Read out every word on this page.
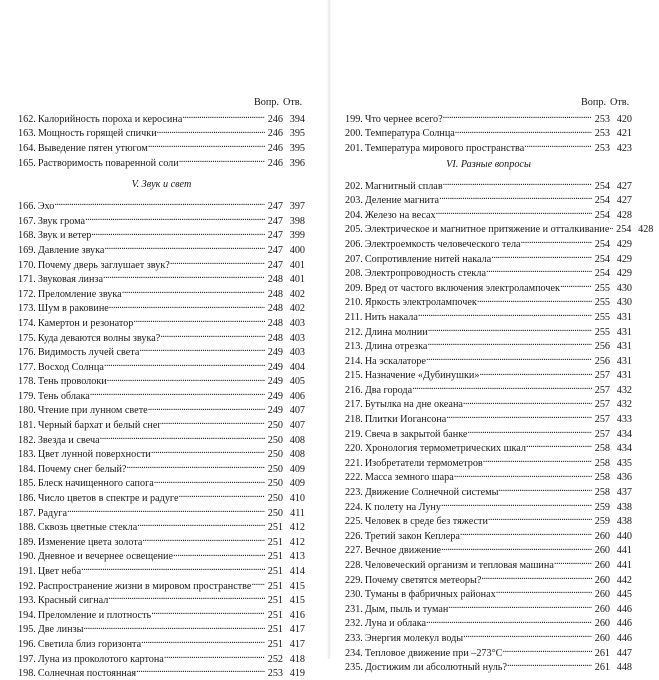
Вопр. Отв.
162. Калорийность пороха и керосина . . .	246 394
163. Мощность горящей спички . . .	246 395
164. Выведение пятен утюгом . . .	246 395
165. Растворимость поваренной соли . . .	246 396
V. Звук и свет
166. Эхо . . .	247 397
167. Звук грома . . .	247 398
168. Звук и ветер . . .	247 399
169. Давление звука . . .	247 400
170. Почему дверь заглушает звук? . . .	247 401
171. Звуковая линза . . .	248 401
172. Преломление звука . . .	248 402
173. Шум в раковине . . .	248 402
174. Камертон и резонатор . . .	248 403
175. Куда деваются волны звука? . . .	248 403
176. Видимость лучей света . . .	249 403
177. Восход Солнца . . .	249 404
178. Тень проволоки . . .	249 405
179. Тень облака . . .	249 406
180. Чтение при лунном свете . . .	249 407
181. Черный бархат и белый снег . . .	250 407
182. Звезда и свеча . . .	250 408
183. Цвет лунной поверхности . . .	250 408
184. Почему снег белый? . . .	250 409
185. Блеск начищенного сапога . . .	250 409
186. Число цветов в спектре и радуге . . .	250 410
187. Радуга . . .	250 411
188. Сквозь цветные стекла . . .	251 412
189. Изменение цвета золота . . .	251 412
190. Дневное и вечернее освещение . . .	251 413
191. Цвет неба . . .	251 414
192. Распространение жизни в мировом пространстве . . . 251 415
193. Красный сигнал . . .	251 415
194. Преломление и плотность . . .	251 416
195. Две линзы . . .	251 417
196. Светила близ горизонта . . .	251 417
197. Луна из проколотого картона . . .	252 418
198. Солнечная постоянная . . .	253 419
Вопр. Отв.
199. Что чернее всего? . . .	253 420
200. Температура Солнца . . .	253 421
201. Температура мирового пространства . . .	253 423
VI. Разные вопросы
202. Магнитный сплав . . .	254 427
203. Деление магнита . . .	254 427
204. Железо на весах . . .	254 428
205. Электрическое и магнитное притяжение и отталкивание . . . 254 428
206. Электроемкость человеческого тела . . .	254 429
207. Сопротивление нитей накала . . .	254 429
208. Электропроводность стекла . . .	254 429
209. Вред от частого включения электролампочек . . .	255 430
210. Яркость электролампочек . . .	255 430
211. Нить накала . . .	255 431
212. Длина молнии . . .	255 431
213. Длина отрезка . . .	256 431
214. На эскалаторе . . .	256 431
215. Назначение «Дубинушки» . . .	257 431
216. Два города . . .	257 432
217. Бутылка на дне океана . . .	257 432
218. Плитки Иогансона . . .	257 433
219. Свеча в закрытой банке . . .	257 434
220. Хронология термометрических шкал . . .	258 434
221. Изобретатели термометров . . .	258 435
222. Масса земного шара . . .	258 436
223. Движение Солнечной системы . . .	258 437
224. К полету на Луну . . .	259 438
225. Человек в среде без тяжести . . .	259 438
226. Третий закон Кеплера . . .	260 440
227. Вечное движение . . .	260 441
228. Человеческий организм и тепловая машина . . .	260 441
229. Почему светятся метеоры? . . .	260 442
230. Туманы в фабричных районах . . .	260 445
231. Дым, пыль и туман . . .	260 446
232. Луна и облака . . .	260 446
233. Энергия молекул воды . . .	260 446
234. Тепловое движение при –273°С . . .	261 447
235. Достижим ли абсолютный нуль? . . .	261 448
